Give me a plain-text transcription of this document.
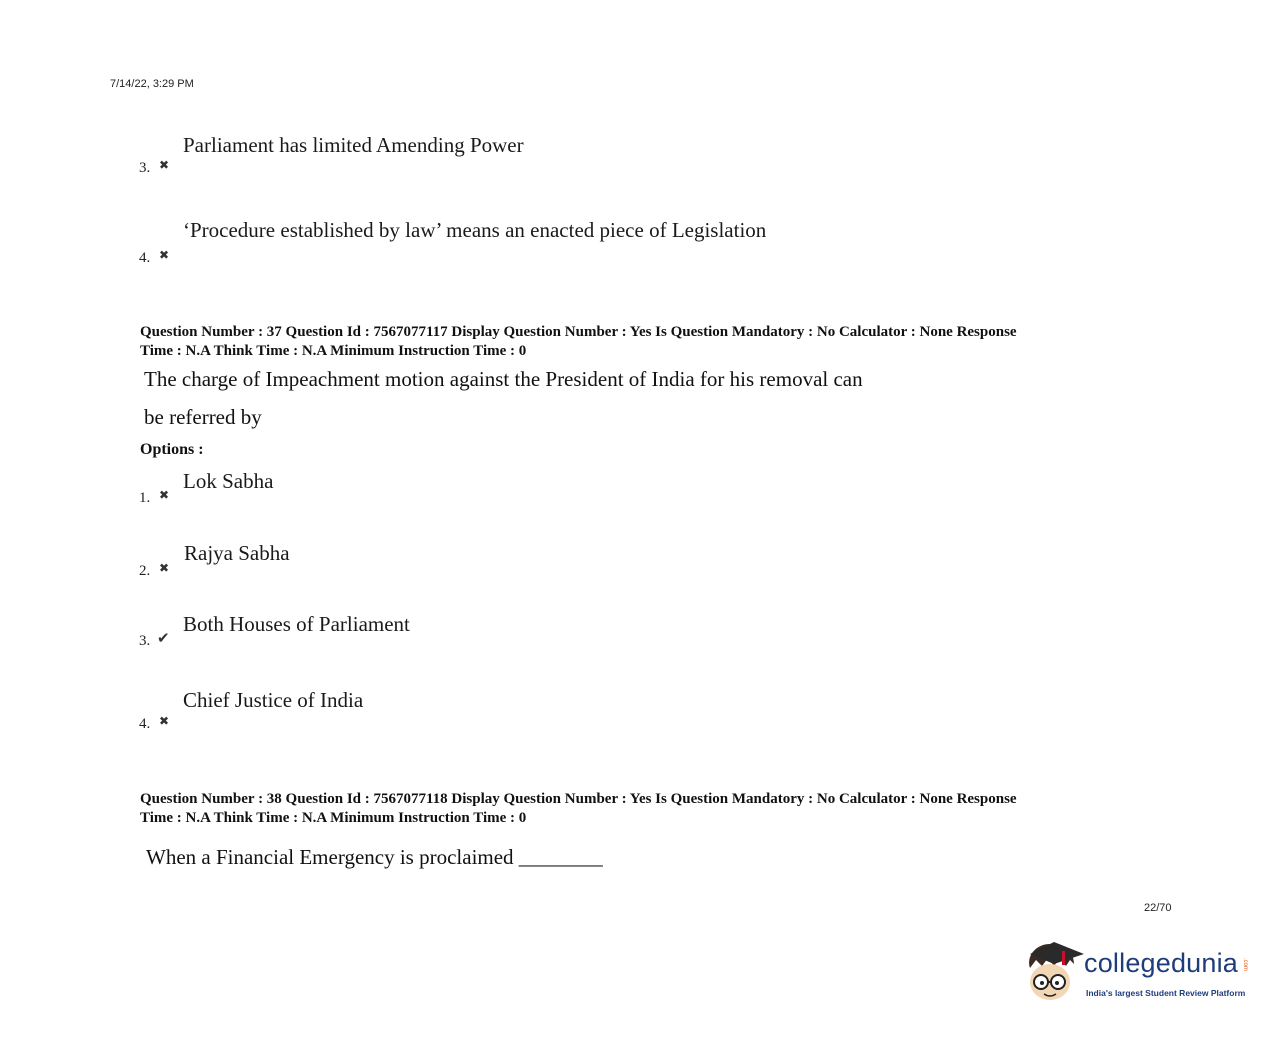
7/14/22, 3:29 PM
Parliament has limited Amending Power
3. ✖
‘Procedure established by law’ means an enacted piece of Legislation
4. ✖
Question Number : 37 Question Id : 7567077117 Display Question Number : Yes Is Question Mandatory : No Calculator : None Response
Time : N.A Think Time : N.A Minimum Instruction Time : 0
The charge of Impeachment motion against the President of India for his removal can
be referred by
Options :
Lok Sabha
1. ✖
Rajya Sabha
2. ✖
Both Houses of Parliament
3. ✔
Chief Justice of India
4. ✖
Question Number : 38 Question Id : 7567077118 Display Question Number : Yes Is Question Mandatory : No Calculator : None Response
Time : N.A Think Time : N.A Minimum Instruction Time : 0
When a Financial Emergency is proclaimed ________
22/70
collegedunia .com
India's largest Student Review Platform
